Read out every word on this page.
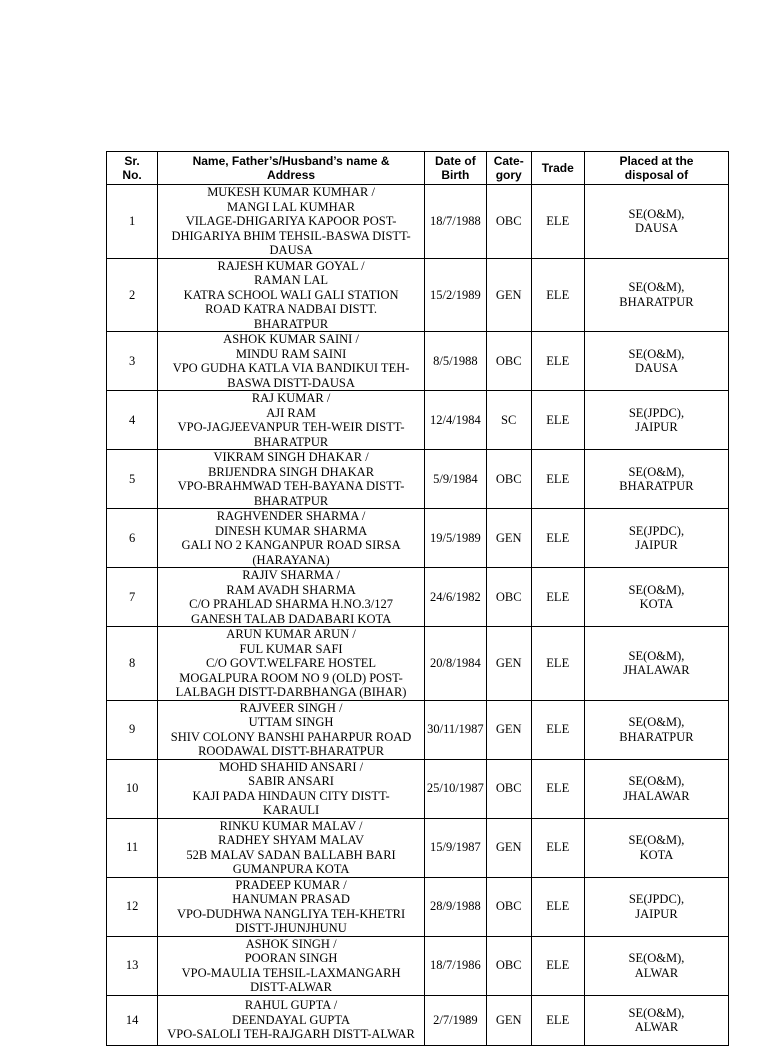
Sr.
No.	Name, Father’s/Husband’s name &
Address	Date of
Birth	Cate-
gory	Trade	Placed at the
disposal of
1	MUKESH KUMAR KUMHAR /
MANGI LAL KUMHAR
VILAGE-DHIGARIYA KAPOOR POST-
DHIGARIYA BHIM TEHSIL-BASWA DISTT-
DAUSA	18/7/1988	OBC	ELE	SE(O&M),
DAUSA
2	RAJESH KUMAR GOYAL /
RAMAN LAL
KATRA SCHOOL WALI GALI STATION
ROAD KATRA NADBAI DISTT.
BHARATPUR	15/2/1989	GEN	ELE	SE(O&M),
BHARATPUR
3	ASHOK KUMAR SAINI /
MINDU RAM SAINI
VPO GUDHA KATLA VIA BANDIKUI TEH-
BASWA DISTT-DAUSA	8/5/1988	OBC	ELE	SE(O&M),
DAUSA
4	RAJ KUMAR /
AJI RAM
VPO-JAGJEEVANPUR TEH-WEIR DISTT-
BHARATPUR	12/4/1984	SC	ELE	SE(JPDC),
JAIPUR
5	VIKRAM SINGH DHAKAR /
BRIJENDRA SINGH DHAKAR
VPO-BRAHMWAD TEH-BAYANA DISTT-
BHARATPUR	5/9/1984	OBC	ELE	SE(O&M),
BHARATPUR
6	RAGHVENDER SHARMA /
DINESH KUMAR SHARMA
GALI NO 2 KANGANPUR ROAD SIRSA
(HARAYANA)	19/5/1989	GEN	ELE	SE(JPDC),
JAIPUR
7	RAJIV SHARMA /
RAM AVADH SHARMA
C/O PRAHLAD SHARMA H.NO.3/127
GANESH TALAB DADABARI KOTA	24/6/1982	OBC	ELE	SE(O&M),
KOTA
8	ARUN KUMAR ARUN /
FUL KUMAR SAFI
C/O GOVT.WELFARE HOSTEL
MOGALPURA ROOM NO 9 (OLD) POST-
LALBAGH DISTT-DARBHANGA (BIHAR)	20/8/1984	GEN	ELE	SE(O&M),
JHALAWAR
9	RAJVEER SINGH /
UTTAM SINGH
SHIV COLONY BANSHI PAHARPUR ROAD
ROODAWAL DISTT-BHARATPUR	30/11/1987	GEN	ELE	SE(O&M),
BHARATPUR
10	MOHD SHAHID ANSARI /
SABIR ANSARI
KAJI PADA HINDAUN CITY DISTT-
KARAULI	25/10/1987	OBC	ELE	SE(O&M),
JHALAWAR
11	RINKU KUMAR MALAV /
RADHEY SHYAM MALAV
52B MALAV SADAN BALLABH BARI
GUMANPURA KOTA	15/9/1987	GEN	ELE	SE(O&M),
KOTA
12	PRADEEP KUMAR /
HANUMAN PRASAD
VPO-DUDHWA NANGLIYA TEH-KHETRI
DISTT-JHUNJHUNU	28/9/1988	OBC	ELE	SE(JPDC),
JAIPUR
13	ASHOK SINGH /
POORAN SINGH
VPO-MAULIA TEHSIL-LAXMANGARH
DISTT-ALWAR	18/7/1986	OBC	ELE	SE(O&M),
ALWAR
14	RAHUL GUPTA /
DEENDAYAL GUPTA
VPO-SALOLI TEH-RAJGARH DISTT-ALWAR	2/7/1989	GEN	ELE	SE(O&M),
ALWAR
